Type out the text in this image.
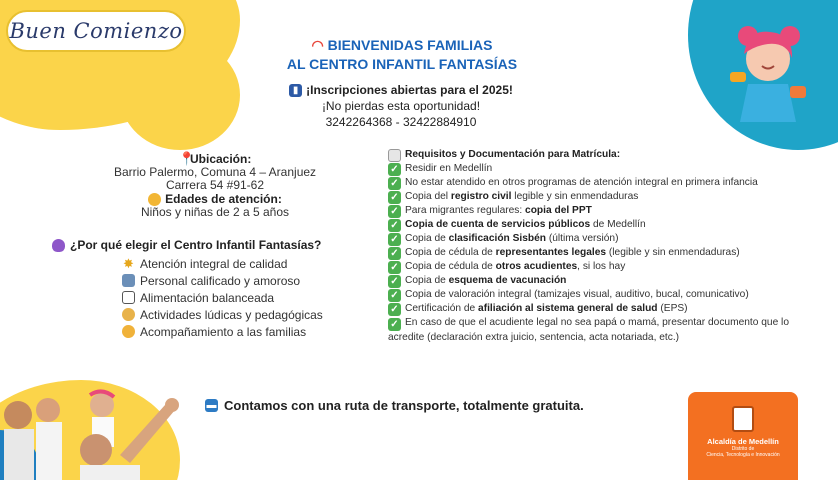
Buen Comienzo
◠ BIENVENIDAS FAMILIAS
AL CENTRO INFANTIL FANTASÍAS
▮ ¡Inscripciones abiertas para el 2025!
¡No pierdas esta oportunidad!
3242264368 - 32422884910
📍 Ubicación:
Barrio Palermo, Comuna 4 – Aranjuez
Carrera 54 #91-62
Edades de atención:
Niños y niñas de 2 a 5 años
¿Por qué elegir el Centro Infantil Fantasías?
✸ Atención integral de calidad
Personal calificado y amoroso
Alimentación balanceada
Actividades lúdicas y pedagógicas
Acompañamiento a las familias
Requisitos y Documentación para Matrícula:
✓ Residir en Medellín
✓ No estar atendido en otros programas de atención integral en primera infancia
✓ Copia del registro civil legible y sin enmendaduras
✓ Para migrantes regulares: copia del PPT
✓ Copia de cuenta de servicios públicos de Medellín
✓ Copia de clasificación Sisbén (última versión)
✓ Copia de cédula de representantes legales (legible y sin enmendaduras)
✓ Copia de cédula de otros acudientes, si los hay
✓ Copia de esquema de vacunación
✓ Copia de valoración integral (tamizajes visual, auditivo, bucal, comunicativo)
✓ Certificación de afiliación al sistema general de salud (EPS)
✓ En caso de que el acudiente legal no sea papá o mamá, presentar documento que lo acredite (declaración extra juicio, sentencia, acta notariada, etc.)
▬ Contamos con una ruta de transporte, totalmente gratuita.
Alcaldía de Medellín
Distrito de
Ciencia, Tecnología e Innovación
